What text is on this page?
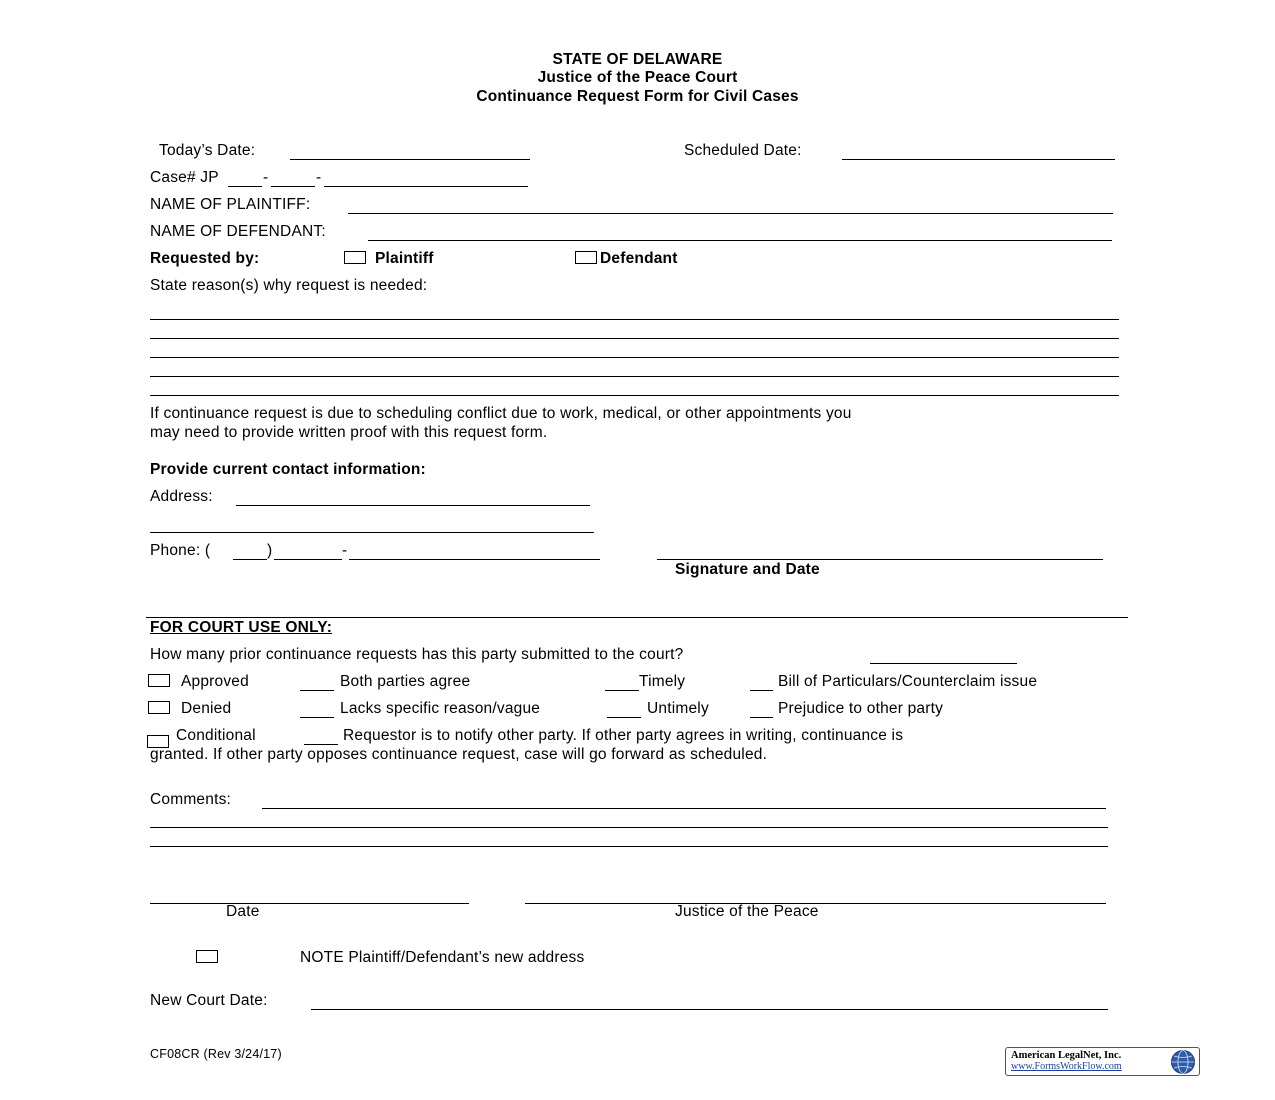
STATE OF DELAWARE
Justice of the Peace Court
Continuance Request Form for Civil Cases
Today’s Date:	Scheduled Date:
Case# JP	-	-
NAME OF PLAINTIFF:
NAME OF DEFENDANT:
Requested by:	Plaintiff	Defendant
State reason(s) why request is needed:
If continuance request is due to scheduling conflict due to work, medical, or other appointments you
may need to provide written proof with this request form.
Provide current contact information:
Address:
Phone: (	)	-
Signature and Date
FOR COURT USE ONLY:
How many prior continuance requests has this party submitted to the court?
Approved	Both parties agree	Timely	Bill of Particulars/Counterclaim issue
Denied	Lacks specific reason/vague	Untimely	Prejudice to other party
Conditional	Requestor is to notify other party. If other party agrees in writing, continuance is
granted. If other party opposes continuance request, case will go forward as scheduled.
Comments:
Date	Justice of the Peace
NOTE Plaintiff/Defendant’s new address
New Court Date:
CF08CR (Rev 3/24/17)	American LegalNet, Inc.
www.FormsWorkFlow.com
